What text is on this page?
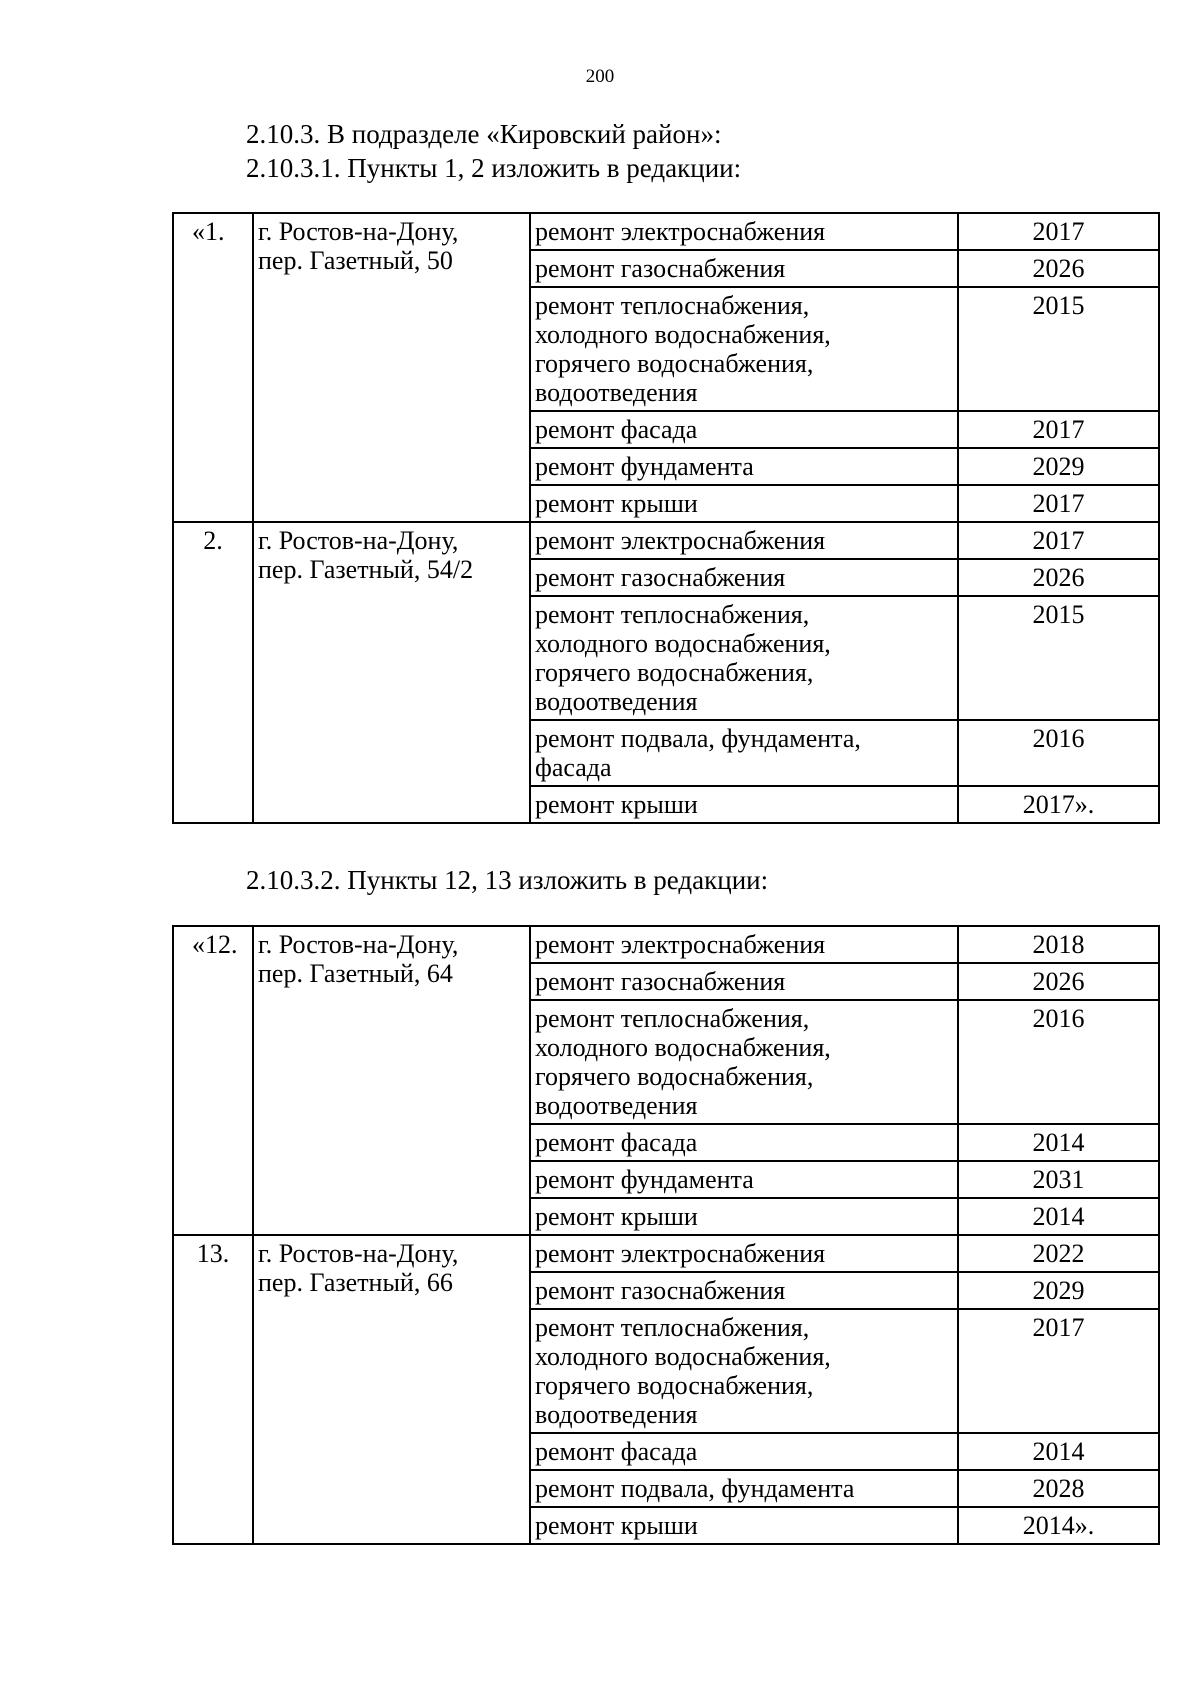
200
2.10.3. В подразделе «Кировский район»:
2.10.3.1. Пункты 1, 2 изложить в редакции:
«1.	г. Ростов-на-Дону,
пер. Газетный, 50	ремонт электроснабжения	2017
		ремонт газоснабжения	2026
		ремонт теплоснабжения,
холодного водоснабжения,
горячего водоснабжения,
водоотведения	2015
		ремонт фасада	2017
		ремонт фундамента	2029
		ремонт крыши	2017
2.	г. Ростов-на-Дону,
пер. Газетный, 54/2	ремонт электроснабжения	2017
		ремонт газоснабжения	2026
		ремонт теплоснабжения,
холодного водоснабжения,
горячего водоснабжения,
водоотведения	2015
		ремонт подвала, фундамента,
фасада	2016
		ремонт крыши	2017».
2.10.3.2. Пункты 12, 13 изложить в редакции:
«12.	г. Ростов-на-Дону,
пер. Газетный, 64	ремонт электроснабжения	2018
		ремонт газоснабжения	2026
		ремонт теплоснабжения,
холодного водоснабжения,
горячего водоснабжения,
водоотведения	2016
		ремонт фасада	2014
		ремонт фундамента	2031
		ремонт крыши	2014
13.	г. Ростов-на-Дону,
пер. Газетный, 66	ремонт электроснабжения	2022
		ремонт газоснабжения	2029
		ремонт теплоснабжения,
холодного водоснабжения,
горячего водоснабжения,
водоотведения	2017
		ремонт фасада	2014
		ремонт подвала, фундамента	2028
		ремонт крыши	2014».
